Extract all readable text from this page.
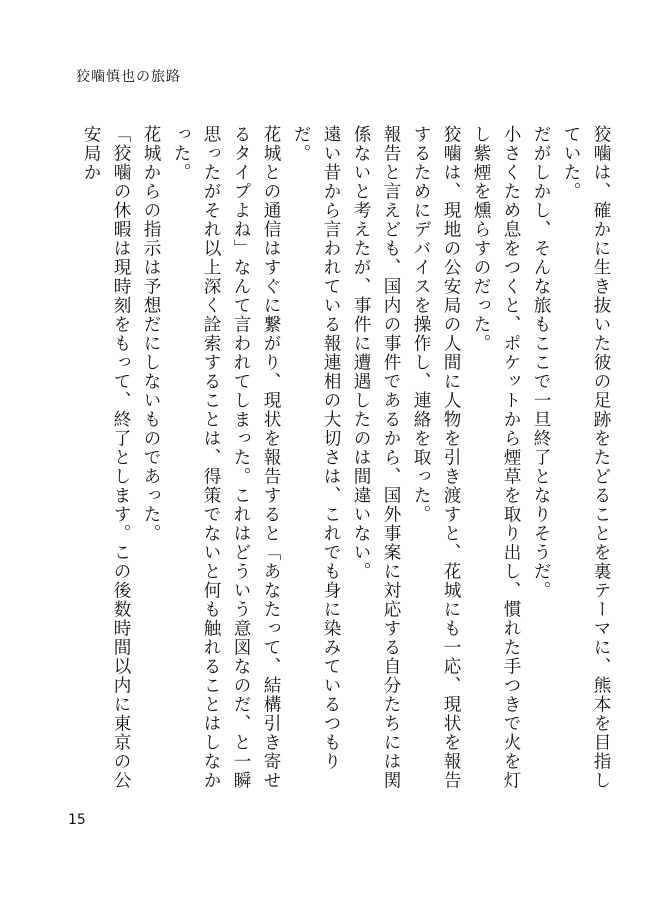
狡噛慎也の旅路

狡噛は、確かに生き抜いた彼の足跡をたどることを裏テーマに、熊本を目指していた。

だがしかし、そんな旅もここで一旦終了となりそうだ。

小さくため息をつくと、ポケットから煙草を取り出し、慣れた手つきで火を灯し紫煙を燻らすのだった。

狡噛は、現地の公安局の人間に人物を引き渡すと、花城にも一応、現状を報告するためにデバイスを操作し、連絡を取った。

報告と言えども、国内の事件であるから、国外事案に対応する自分たちには関係ないと考えたが、事件に遭遇したのは間違いない。

遠い昔から言われている報連相の大切さは、これでも身に染みているつもりだ。

花城との通信はすぐに繋がり、現状を報告すると「あなたって、結構引き寄せるタイプよね」なんて言われてしまった。これはどういう意図なのだ、と一瞬思ったがそれ以上深く詮索することは、得策でないと何も触れることはしなかった。

花城からの指示は予想だにしないものであった。

「狡噛の休暇は現時刻をもって、終了とします。この後数時間以内に東京の公安局か

15
